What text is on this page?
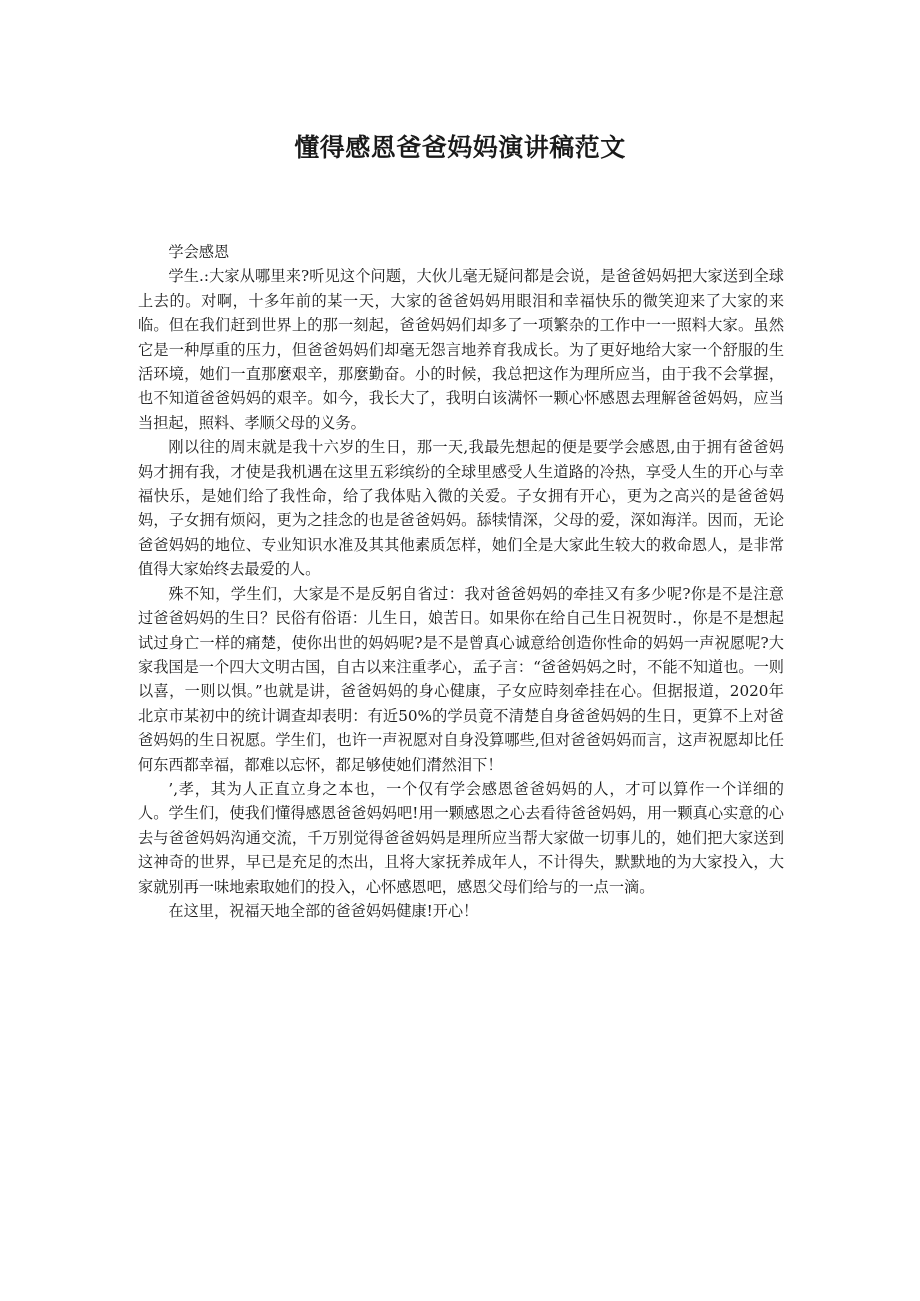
懂得感恩爸爸妈妈演讲稿范文

学会感恩

学生.:大家从哪里来?听见这个问题，大伙儿毫无疑问都是会说，是爸爸妈妈把大家送到全球上去的。对啊，十多年前的某一天，大家的爸爸妈妈用眼泪和幸福快乐的微笑迎来了大家的来临。但在我们赶到世界上的那一刻起，爸爸妈妈们却多了一项繁杂的工作中一一照料大家。虽然它是一种厚重的压力，但爸爸妈妈们却毫无怨言地养育我成长。为了更好地给大家一个舒服的生活环境，她们一直那麼艰辛，那麼勤奋。小的时候，我总把这作为理所应当，由于我不会掌握，也不知道爸爸妈妈的艰辛。如今，我长大了，我明白该满怀一颗心怀感恩去理解爸爸妈妈，应当当担起，照料、孝顺父母的义务。

刚以往的周末就是我十六岁的生日，那一天,我最先想起的便是要学会感恩,由于拥有爸爸妈妈才拥有我，才使是我机遇在这里五彩缤纷的全球里感受人生道路的冷热，享受人生的开心与幸福快乐，是她们给了我性命，给了我体贴入微的关爱。子女拥有开心，更为之高兴的是爸爸妈妈，子女拥有烦闷，更为之挂念的也是爸爸妈妈。舔犊情深，父母的爱，深如海洋。因而，无论爸爸妈妈的地位、专业知识水准及其其他素质怎样，她们全是大家此生较大的救命恩人，是非常值得大家始终去最爱的人。

殊不知，学生们，大家是不是反躬自省过：我对爸爸妈妈的牵挂又有多少呢?你是不是注意过爸爸妈妈的生日？民俗有俗语：儿生日，娘苦日。如果你在给自己生日祝贺时.，你是不是想起试过身亡一样的痛楚，使你出世的妈妈呢?是不是曾真心诚意给创造你性命的妈妈一声祝愿呢?大家我国是一个四大文明古国，自古以来注重孝心，孟子言：“爸爸妈妈之时，不能不知道也。一则以喜，一则以惧。”也就是讲，爸爸妈妈的身心健康，子女应時刻牵挂在心。但据报道，2020年北京市某初中的统计调查却表明：有近50%的学员竟不清楚自身爸爸妈妈的生日，更算不上对爸爸妈妈的生日祝愿。学生们，也许一声祝愿对自身没算哪些,但对爸爸妈妈而言，这声祝愿却比任何东西都幸福，都难以忘怀，都足够使她们潸然泪下！

’,孝，其为人正直立身之本也，一个仅有学会感恩爸爸妈妈的人，才可以算作一个详细的人。学生们，使我们懂得感恩爸爸妈妈吧!用一颗感恩之心去看待爸爸妈妈，用一颗真心实意的心去与爸爸妈妈沟通交流，千万别觉得爸爸妈妈是理所应当帮大家做一切事儿的，她们把大家送到这神奇的世界，早已是充足的杰出，且将大家抚养成年人，不计得失，默默地的为大家投入，大家就别再一味地索取她们的投入，心怀感恩吧，感恩父母们给与的一点一滴。

在这里，祝福天地全部的爸爸妈妈健康!开心！
